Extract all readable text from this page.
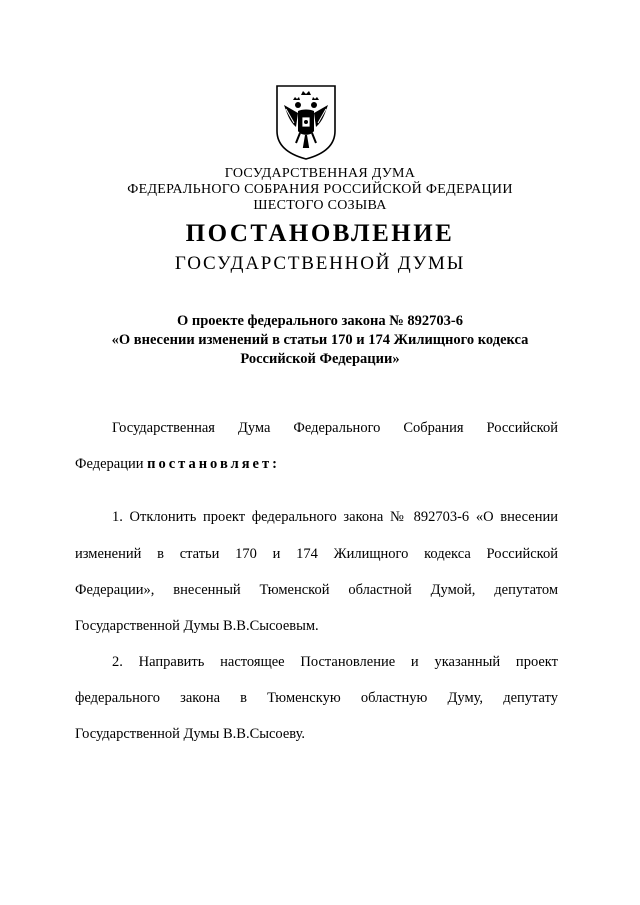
ГОСУДАРСТВЕННАЯ ДУМА
ФЕДЕРАЛЬНОГО СОБРАНИЯ РОССИЙСКОЙ ФЕДЕРАЦИИ
ШЕСТОГО СОЗЫВА
ПОСТАНОВЛЕНИЕ
ГОСУДАРСТВЕННОЙ ДУМЫ
О проекте федерального закона № 892703-6
«О внесении изменений в статьи 170 и 174 Жилищного кодекса
Российской Федерации»
Государственная Дума Федерального Собрания Российской
Федерации постановляет:
1. Отклонить проект федерального закона № 892703-6 «О внесении
изменений в статьи 170 и 174 Жилищного кодекса Российской
Федерации», внесенный Тюменской областной Думой, депутатом
Государственной Думы В.В.Сысоевым.
2. Направить настоящее Постановление и указанный проект
федерального закона в Тюменскую областную Думу, депутату
Государственной Думы В.В.Сысоеву.
